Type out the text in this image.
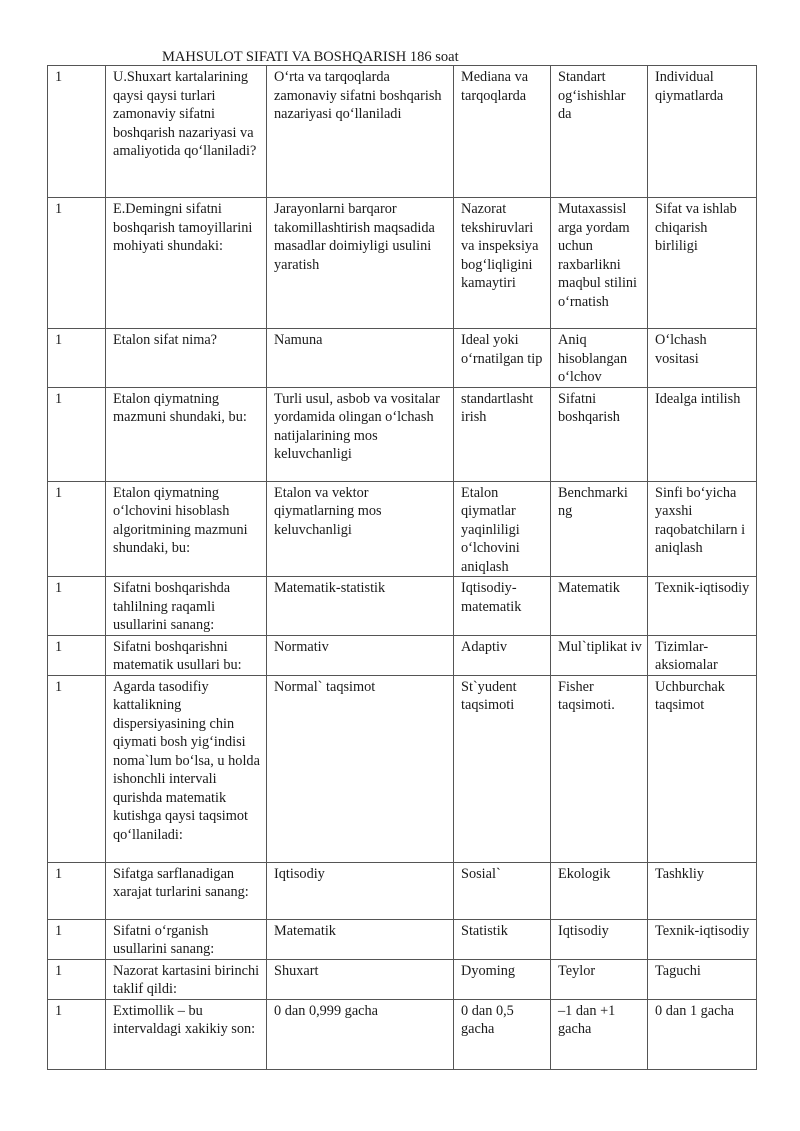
MAHSULOT SIFATI VA BOSHQARISH 186 soat
1	U.Shuxart kartalarining qaysi qaysi turlari zamonaviy sifatni boshqarish nazariyasi va amaliyotida qo‘llaniladi?	O‘rta va tarqoqlarda zamonaviy sifatni boshqarish nazariyasi qo‘llaniladi	Mediana va tarqoqlarda	Standart og‘ishishlar da	Individual qiymatlarda
1	E.Demingni sifatni boshqarish tamoyillarini mohiyati shundaki:	Jarayonlarni barqaror takomillashtirish maqsadida masadlar doimiyligi usulini yaratish	Nazorat tekshiruvlari va inspeksiya bog‘liqligini kamaytiri	Mutaxassisl arga yordam uchun raxbarlikni maqbul stilini o‘rnatish	Sifat va ishlab chiqarish birliligi
1	Etalon sifat nima?	Namuna	Ideal yoki o‘rnatilgan tip	Aniq hisoblangan o‘lchov	O‘lchash vositasi
1	Etalon qiymatning mazmuni shundaki, bu:	Turli usul, asbob va vositalar yordamida olingan o‘lchash natijalarining mos keluvchanligi	standartlasht irish	Sifatni boshqarish	Idealga intilish
1	Etalon qiymatning o‘lchovini hisoblash algoritmining mazmuni shundaki, bu:	Etalon va vektor qiymatlarning mos keluvchanligi	Etalon qiymatlar yaqinliligi o‘lchovini aniqlash	Benchmarki ng	Sinfi bo‘yicha yaxshi raqobatchilarn i aniqlash
1	Sifatni boshqarishda tahlilning raqamli usullarini sanang:	Matematik-statistik	Iqtisodiy-matematik	Matematik	Texnik-iqtisodiy
1	Sifatni boshqarishni matematik usullari bu:	Normativ	Adaptiv	Mul`tiplikat iv	Tizimlar-aksiomalar
1	Agarda tasodifiy kattalikning dispersiyasining chin qiymati bosh yig‘indisi noma`lum bo‘lsa, u holda ishonchli intervali qurishda matematik kutishga qaysi taqsimot qo‘llaniladi:	Normal` taqsimot	St`yudent taqsimoti	Fisher taqsimoti.	Uchburchak taqsimot
1	Sifatga sarflanadigan xarajat turlarini sanang:	Iqtisodiy	Sosial`	Ekologik	Tashkliy
1	Sifatni o‘rganish usullarini sanang:	Matematik	Statistik	Iqtisodiy	Texnik-iqtisodiy
1	Nazorat kartasini birinchi taklif qildi:	Shuxart	Dyoming	Teylor	Taguchi
1	Extimollik – bu intervaldagi xakikiy son:	0 dan 0,999 gacha	0 dan 0,5 gacha	–1 dan +1 gacha	0 dan 1 gacha
